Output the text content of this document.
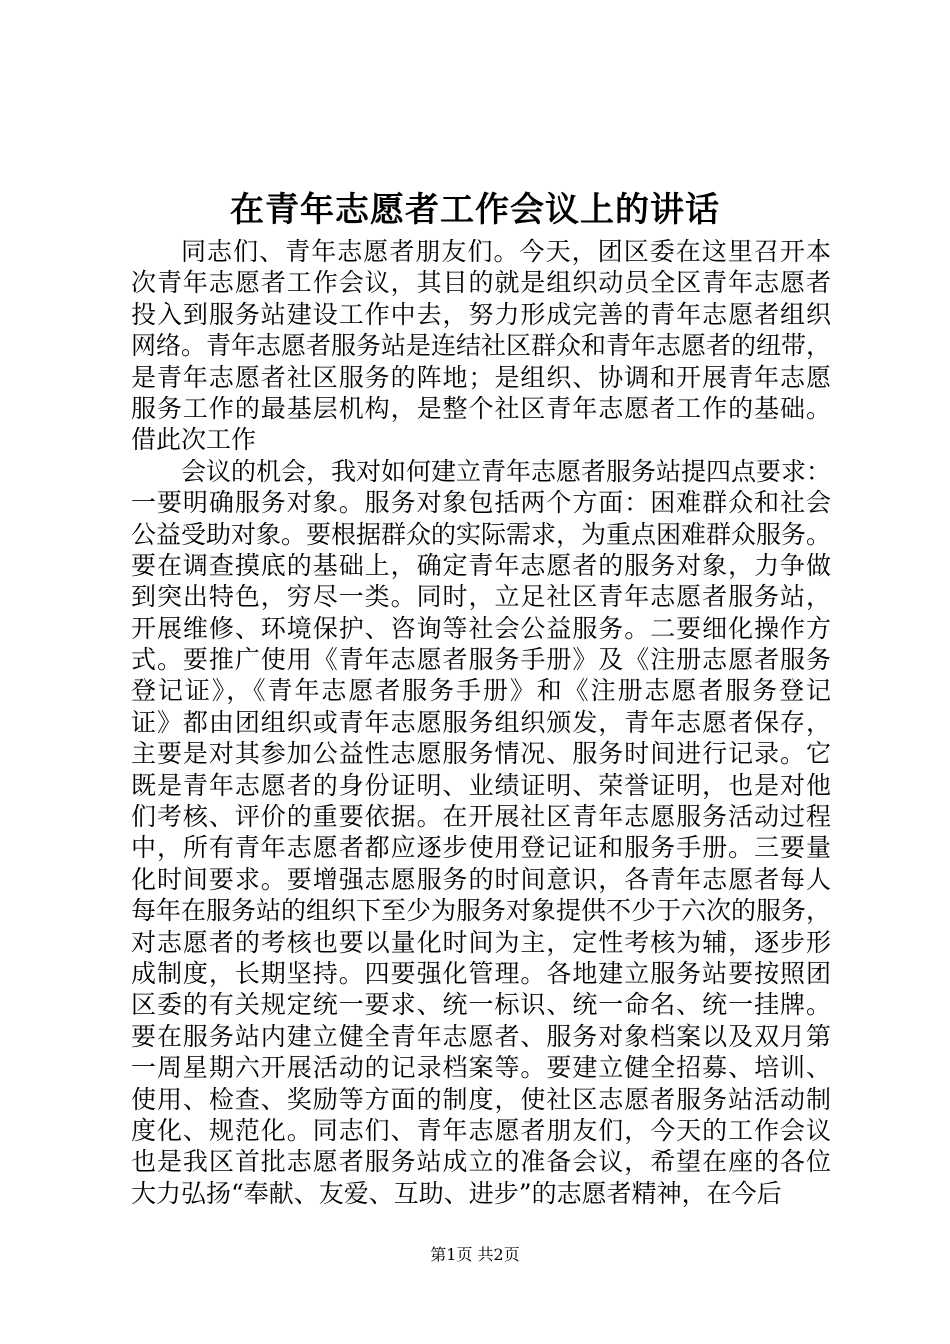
在青年志愿者工作会议上的讲话
同志们、青年志愿者朋友们。今天，团区委在这里召开本
次青年志愿者工作会议，其目的就是组织动员全区青年志愿者
投入到服务站建设工作中去，努力形成完善的青年志愿者组织
网络。青年志愿者服务站是连结社区群众和青年志愿者的纽带，
是青年志愿者社区服务的阵地；是组织、协调和开展青年志愿
服务工作的最基层机构，是整个社区青年志愿者工作的基础。
借此次工作
会议的机会，我对如何建立青年志愿者服务站提四点要求：
一要明确服务对象。服务对象包括两个方面：困难群众和社会
公益受助对象。要根据群众的实际需求，为重点困难群众服务。
要在调查摸底的基础上，确定青年志愿者的服务对象，力争做
到突出特色，穷尽一类。同时，立足社区青年志愿者服务站，
开展维修、环境保护、咨询等社会公益服务。二要细化操作方
式。要推广使用《青年志愿者服务手册》及《注册志愿者服务
登记证》，《青年志愿者服务手册》和《注册志愿者服务登记
证》都由团组织或青年志愿服务组织颁发，青年志愿者保存，
主要是对其参加公益性志愿服务情况、服务时间进行记录。它
既是青年志愿者的身份证明、业绩证明、荣誉证明，也是对他
们考核、评价的重要依据。在开展社区青年志愿服务活动过程
中，所有青年志愿者都应逐步使用登记证和服务手册。三要量
化时间要求。要增强志愿服务的时间意识，各青年志愿者每人
每年在服务站的组织下至少为服务对象提供不少于六次的服务，
对志愿者的考核也要以量化时间为主，定性考核为辅，逐步形
成制度，长期坚持。四要强化管理。各地建立服务站要按照团
区委的有关规定统一要求、统一标识、统一命名、统一挂牌。
要在服务站内建立健全青年志愿者、服务对象档案以及双月第
一周星期六开展活动的记录档案等。要建立健全招募、培训、
使用、检查、奖励等方面的制度，使社区志愿者服务站活动制
度化、规范化。同志们、青年志愿者朋友们，今天的工作会议
也是我区首批志愿者服务站成立的准备会议，希望在座的各位
大力弘扬“奉献、友爱、互助、进步”的志愿者精神，在今后
第1页 共2页
